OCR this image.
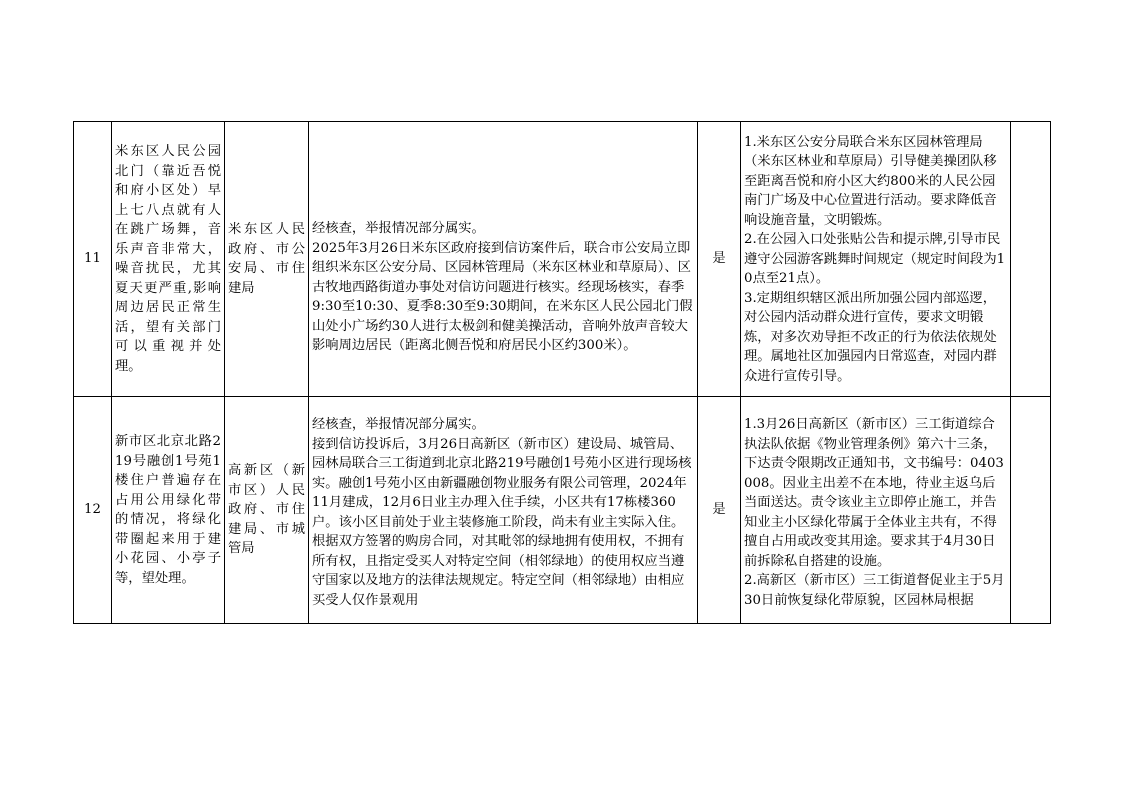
11	米东区人民公园北门（靠近吾悦和府小区处）早上七八点就有人在跳广场舞，音乐声音非常大，噪音扰民，尤其夏天更严重,影响周边居民正常生活，望有关部门可以重视并处理。	米东区人民政府、市公安局、市住建局	经核查，举报情况部分属实。
2025年3月26日米东区政府接到信访案件后，联合市公安局立即组织米东区公安分局、区园林管理局（米东区林业和草原局）、区古牧地西路街道办事处对信访问题进行核实。经现场核实，春季9:30至10:30、夏季8:30至9:30期间，在米东区人民公园北门假山处小广场约30人进行太极剑和健美操活动，音响外放声音较大影响周边居民（距离北侧吾悦和府居民小区约300米）。	是	1.米东区公安分局联合米东区园林管理局（米东区林业和草原局）引导健美操团队移至距离吾悦和府小区大约800米的人民公园南门广场及中心位置进行活动。要求降低音响设施音量，文明锻炼。
2.在公园入口处张贴公告和提示牌,引导市民遵守公园游客跳舞时间规定（规定时间段为10点至21点）。
3.定期组织辖区派出所加强公园内部巡逻，对公园内活动群众进行宣传，要求文明锻炼，对多次劝导拒不改正的行为依法依规处理。属地社区加强园内日常巡查，对园内群众进行宣传引导。	

12	新市区北京北路219号融创1号苑1楼住户普遍存在占用公用绿化带的情况，将绿化带圈起来用于建小花园、小亭子等，望处理。	高新区（新市区）人民政府、市住建局、市城管局	经核查，举报情况部分属实。
接到信访投诉后，3月26日高新区（新市区）建设局、城管局、园林局联合三工街道到北京北路219号融创1号苑小区进行现场核实。融创1号苑小区由新疆融创物业服务有限公司管理，2024年11月建成，12月6日业主办理入住手续，小区共有17栋楼360户。该小区目前处于业主装修施工阶段，尚未有业主实际入住。根据双方签署的购房合同，对其毗邻的绿地拥有使用权，不拥有所有权，且指定受买人对特定空间（相邻绿地）的使用权应当遵守国家以及地方的法律法规规定。特定空间（相邻绿地）由相应买受人仅作景观用	是	1.3月26日高新区（新市区）三工街道综合执法队依据《物业管理条例》第六十三条，下达责令限期改正通知书，文书编号：0403008。因业主出差不在本地，待业主返乌后当面送达。责令该业主立即停止施工，并告知业主小区绿化带属于全体业主共有，不得擅自占用或改变其用途。要求其于4月30日前拆除私自搭建的设施。
2.高新区（新市区）三工街道督促业主于5月30日前恢复绿化带原貌，区园林局根据	
